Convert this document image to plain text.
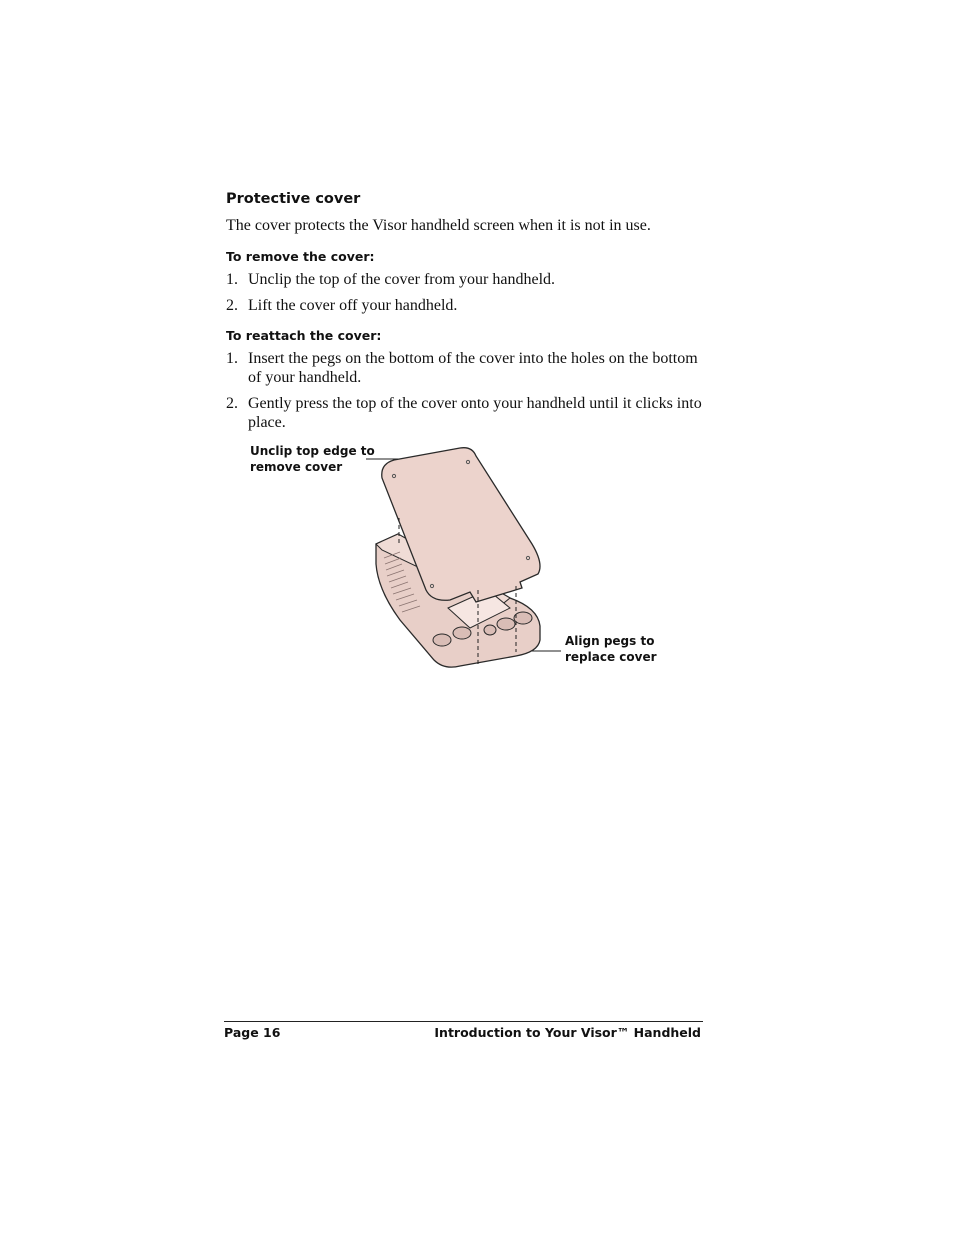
Protective cover
The cover protects the Visor handheld screen when it is not in use.
To remove the cover:
1. Unclip the top of the cover from your handheld.
2. Lift the cover off your handheld.
To reattach the cover:
1. Insert the pegs on the bottom of the cover into the holes on the bottom of your handheld.
2. Gently press the top of the cover onto your handheld until it clicks into place.
Unclip top edge to remove cover
Align pegs to replace cover
Page 16	Introduction to Your Visor™ Handheld
